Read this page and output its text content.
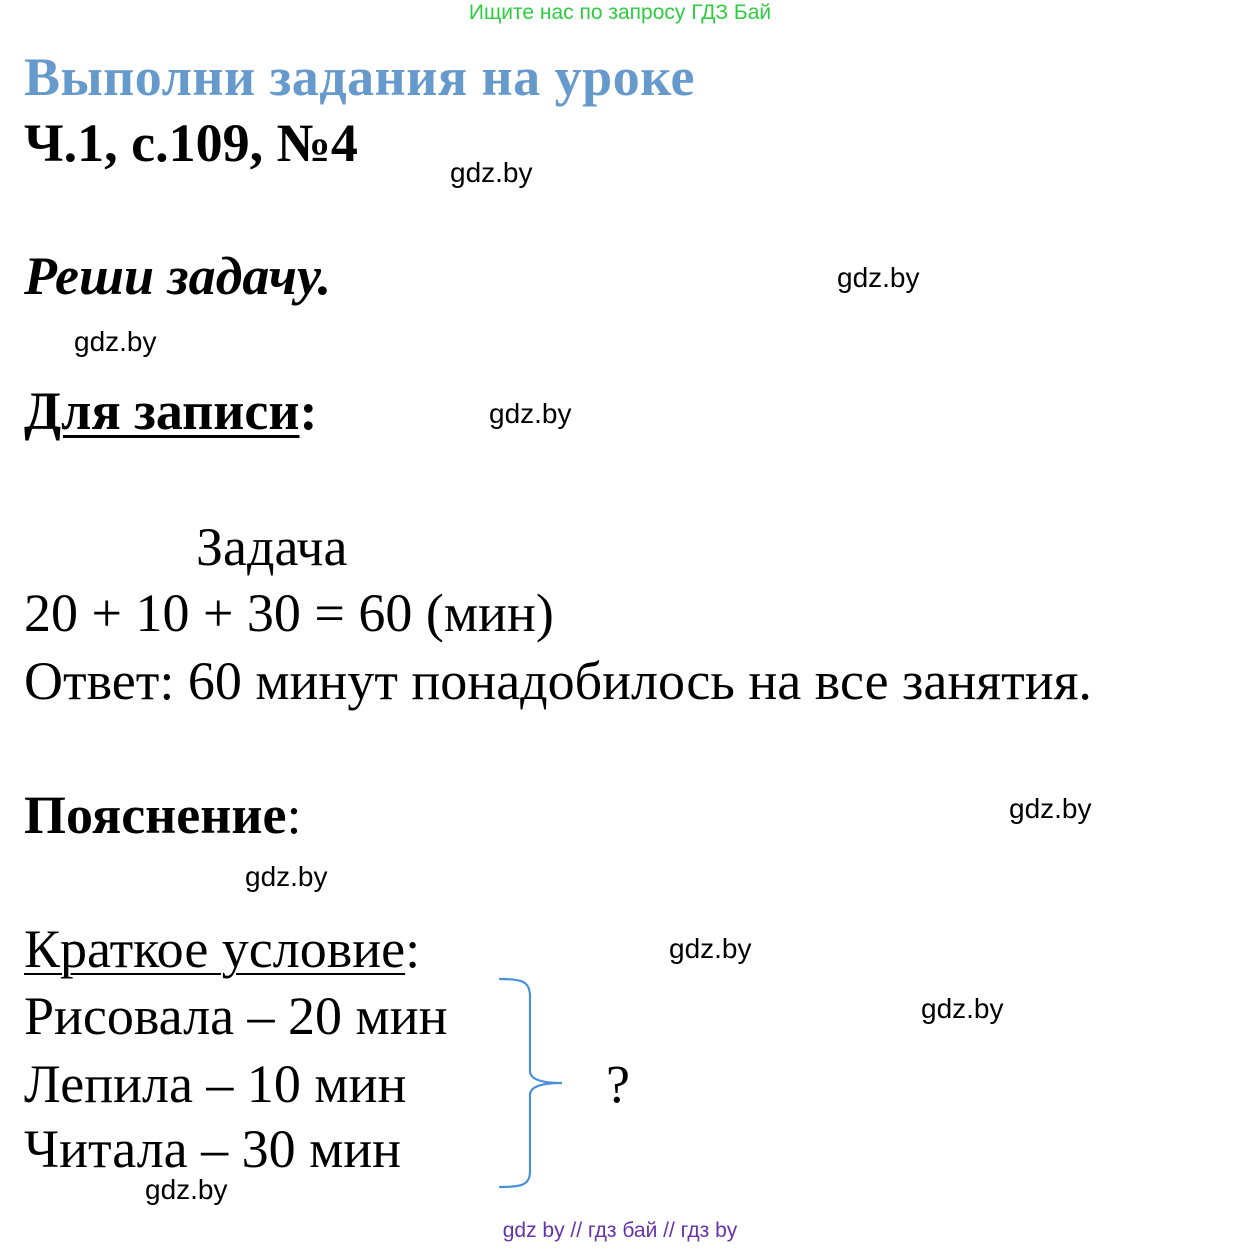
Ищите нас по запросу ГДЗ Бай
Выполни задания на уроке
Ч.1, с.109, №4	gdz.by
Реши задачу.	gdz.by
gdz.by
Для записи:	gdz.by
Задача
20 + 10 + 30 = 60 (мин)
Ответ: 60 минут понадобилось на все занятия.
Пояснение:	gdz.by
gdz.by
Краткое условие:	gdz.by
gdz.by
Рисовала – 20 мин
Лепила – 10 мин
Читала – 30 мин
?
gdz.by
gdz by // гдз бай // гдз by
